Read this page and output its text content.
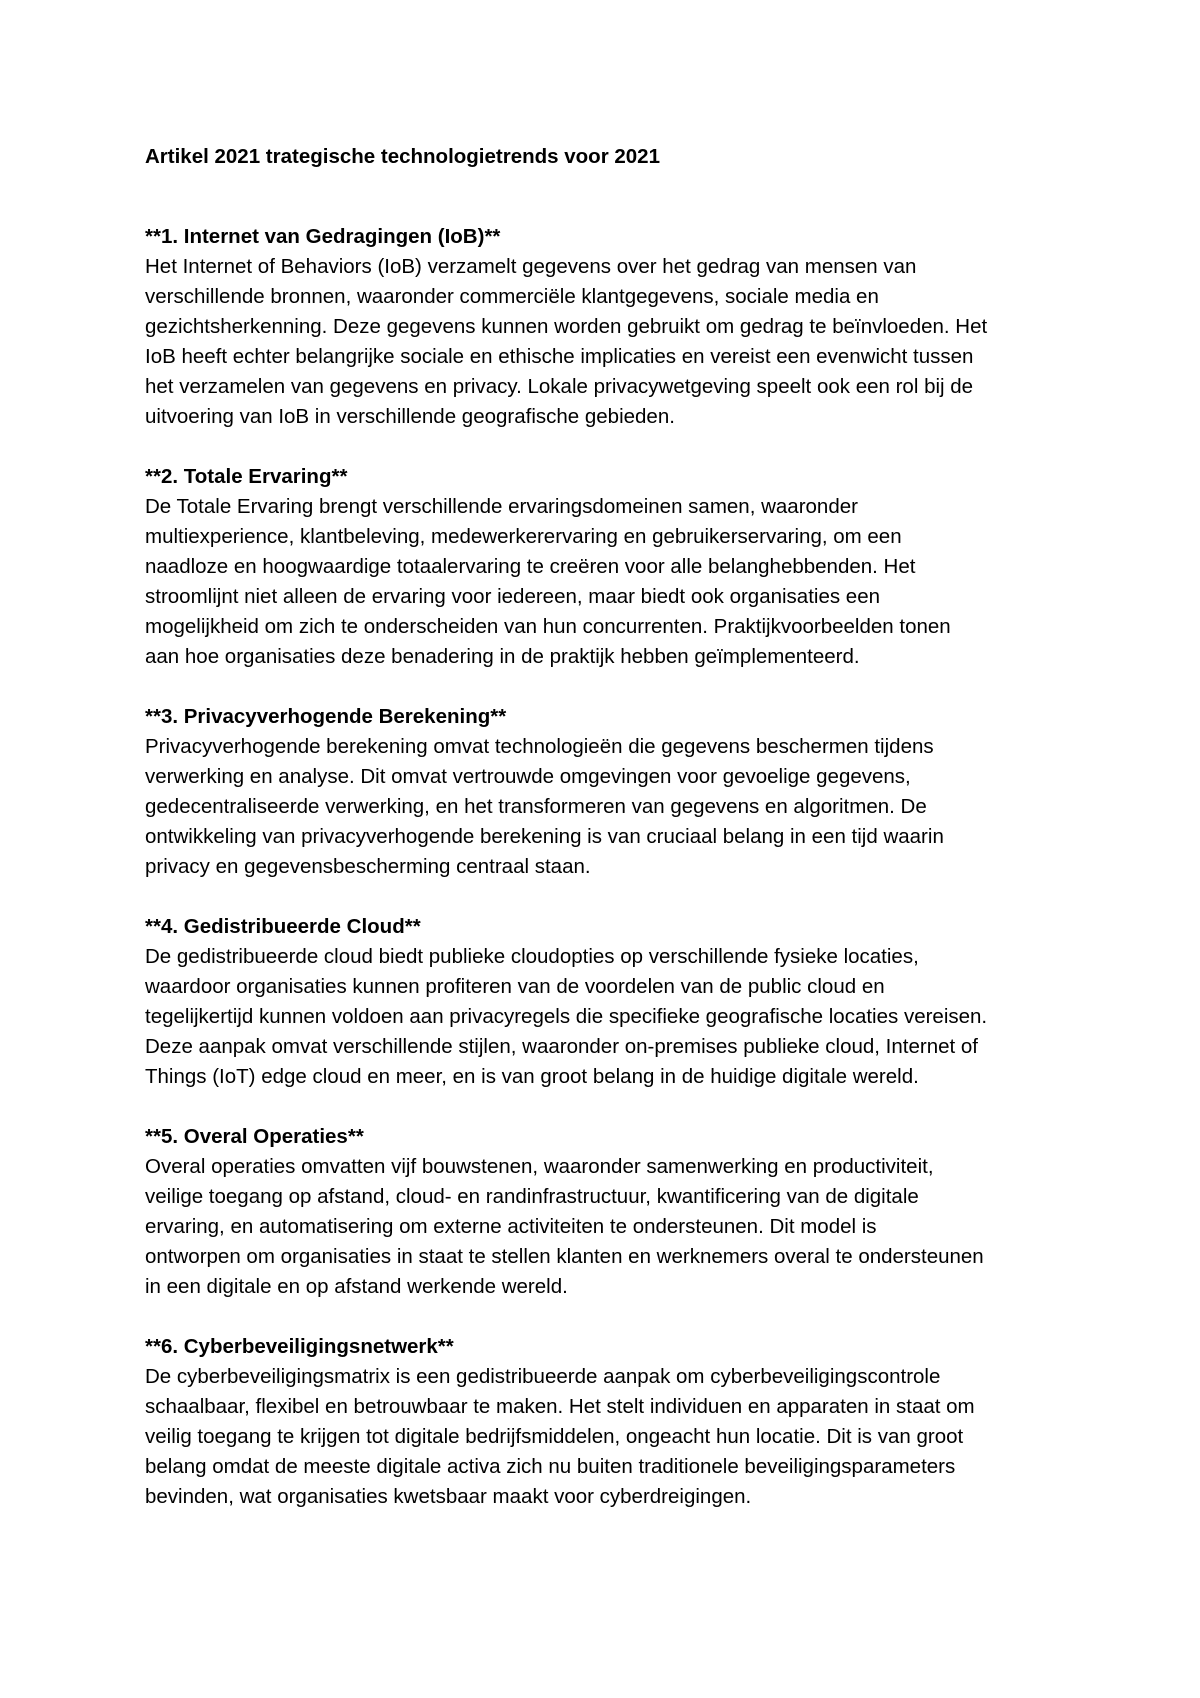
Artikel 2021 trategische technologietrends voor 2021
**1. Internet van Gedragingen (IoB)**
Het Internet of Behaviors (IoB) verzamelt gegevens over het gedrag van mensen van
verschillende bronnen, waaronder commerciële klantgegevens, sociale media en
gezichtsherkenning. Deze gegevens kunnen worden gebruikt om gedrag te beïnvloeden. Het
IoB heeft echter belangrijke sociale en ethische implicaties en vereist een evenwicht tussen
het verzamelen van gegevens en privacy. Lokale privacywetgeving speelt ook een rol bij de
uitvoering van IoB in verschillende geografische gebieden.
**2. Totale Ervaring**
De Totale Ervaring brengt verschillende ervaringsdomeinen samen, waaronder
multiexperience, klantbeleving, medewerkerervaring en gebruikerservaring, om een
naadloze en hoogwaardige totaalervaring te creëren voor alle belanghebbenden. Het
stroomlijnt niet alleen de ervaring voor iedereen, maar biedt ook organisaties een
mogelijkheid om zich te onderscheiden van hun concurrenten. Praktijkvoorbeelden tonen
aan hoe organisaties deze benadering in de praktijk hebben geïmplementeerd.
**3. Privacyverhogende Berekening**
Privacyverhogende berekening omvat technologieën die gegevens beschermen tijdens
verwerking en analyse. Dit omvat vertrouwde omgevingen voor gevoelige gegevens,
gedecentraliseerde verwerking, en het transformeren van gegevens en algoritmen. De
ontwikkeling van privacyverhogende berekening is van cruciaal belang in een tijd waarin
privacy en gegevensbescherming centraal staan.
**4. Gedistribueerde Cloud**
De gedistribueerde cloud biedt publieke cloudopties op verschillende fysieke locaties,
waardoor organisaties kunnen profiteren van de voordelen van de public cloud en
tegelijkertijd kunnen voldoen aan privacyregels die specifieke geografische locaties vereisen.
Deze aanpak omvat verschillende stijlen, waaronder on-premises publieke cloud, Internet of
Things (IoT) edge cloud en meer, en is van groot belang in de huidige digitale wereld.
**5. Overal Operaties**
Overal operaties omvatten vijf bouwstenen, waaronder samenwerking en productiviteit,
veilige toegang op afstand, cloud- en randinfrastructuur, kwantificering van de digitale
ervaring, en automatisering om externe activiteiten te ondersteunen. Dit model is
ontworpen om organisaties in staat te stellen klanten en werknemers overal te ondersteunen
in een digitale en op afstand werkende wereld.
**6. Cyberbeveiligingsnetwerk**
De cyberbeveiligingsmatrix is een gedistribueerde aanpak om cyberbeveiligingscontrole
schaalbaar, flexibel en betrouwbaar te maken. Het stelt individuen en apparaten in staat om
veilig toegang te krijgen tot digitale bedrijfsmiddelen, ongeacht hun locatie. Dit is van groot
belang omdat de meeste digitale activa zich nu buiten traditionele beveiligingsparameters
bevinden, wat organisaties kwetsbaar maakt voor cyberdreigingen.
